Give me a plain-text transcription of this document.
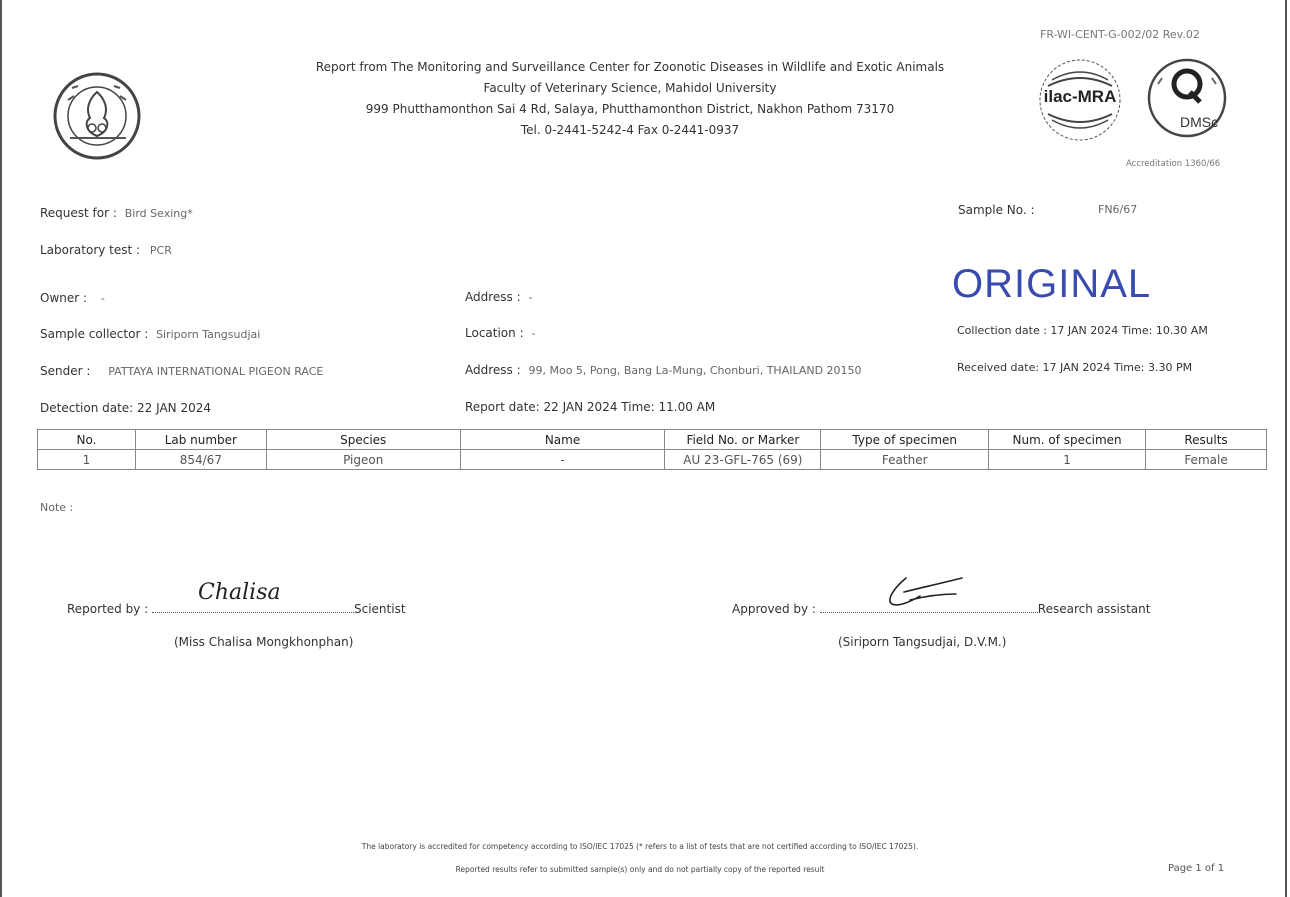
FR-WI-CENT-G-002/02 Rev.02
Report from The Monitoring and Surveillance Center for Zoonotic Diseases in Wildlife and Exotic Animals
Faculty of Veterinary Science, Mahidol University
999 Phutthamonthon Sai 4 Rd, Salaya, Phutthamonthon District, Nakhon Pathom 73170
Tel. 0-2441-5242-4 Fax 0-2441-0937
ilac-MRA
DMSc
Accreditation 1360/66
ORIGINAL
Request for : Bird Sexing*	Sample No. :	FN6/67
Laboratory test : PCR
Owner : -	Address : -
Sample collector : Siriporn Tangsudjai	Location : -	Collection date : 17 JAN 2024 Time: 10.30 AM
Sender : PATTAYA INTERNATIONAL PIGEON RACE	Address : 99, Moo 5, Pong, Bang La-Mung, Chonburi, THAILAND 20150	Received date: 17 JAN 2024 Time: 3.30 PM
Detection date: 22 JAN 2024	Report date: 22 JAN 2024 Time: 11.00 AM
No.	Lab number	Species	Name	Field No. or Marker	Type of specimen	Num. of specimen	Results
1	854/67	Pigeon	-	AU 23-GFL-765 (69)	Feather	1	Female
Note :
Reported by :
Chalisa
Scientist
(Miss Chalisa Mongkhonphan)
Approved by :	Research assistant
(Siriporn Tangsudjai, D.V.M.)
The laboratory is accredited for competency according to ISO/IEC 17025 (* refers to a list of tests that are not certified according to ISO/IEC 17025).
Reported results refer to submitted sample(s) only and do not partially copy of the reported result	Page 1 of 1
